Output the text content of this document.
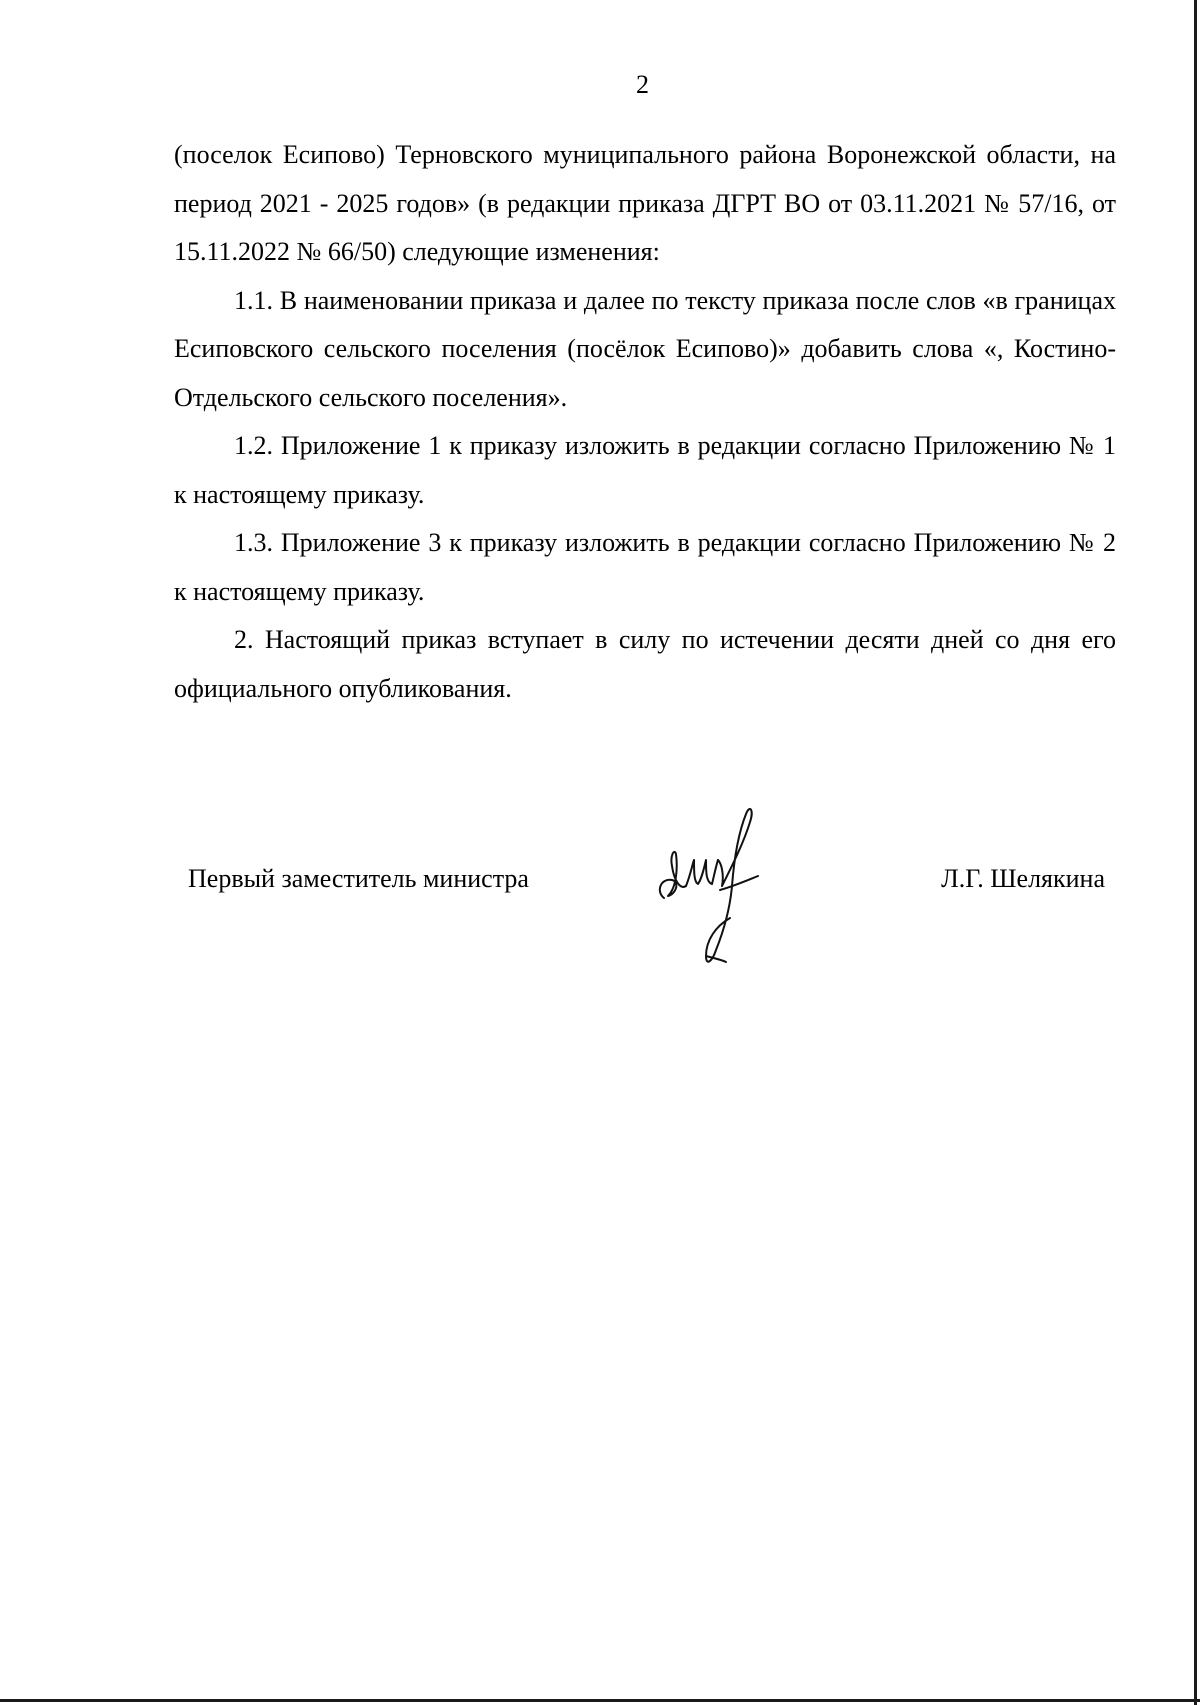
2

(поселок Есипово) Терновского муниципального района Воронежской области, на период 2021 - 2025 годов» (в редакции приказа ДГРТ ВО от 03.11.2021 № 57/16, от 15.11.2022 № 66/50) следующие изменения:

1.1. В наименовании приказа и далее по тексту приказа после слов «в границах Есиповского сельского поселения (посёлок Есипово)» добавить слова «, Костино-Отдельского сельского поселения».

1.2. Приложение 1 к приказу изложить в редакции согласно Приложению № 1 к настоящему приказу.

1.3. Приложение 3 к приказу изложить в редакции согласно Приложению № 2 к настоящему приказу.

2. Настоящий приказ вступает в силу по истечении десяти дней со дня его официального опубликования.

Первый заместитель министра	Л.Г. Шелякина
